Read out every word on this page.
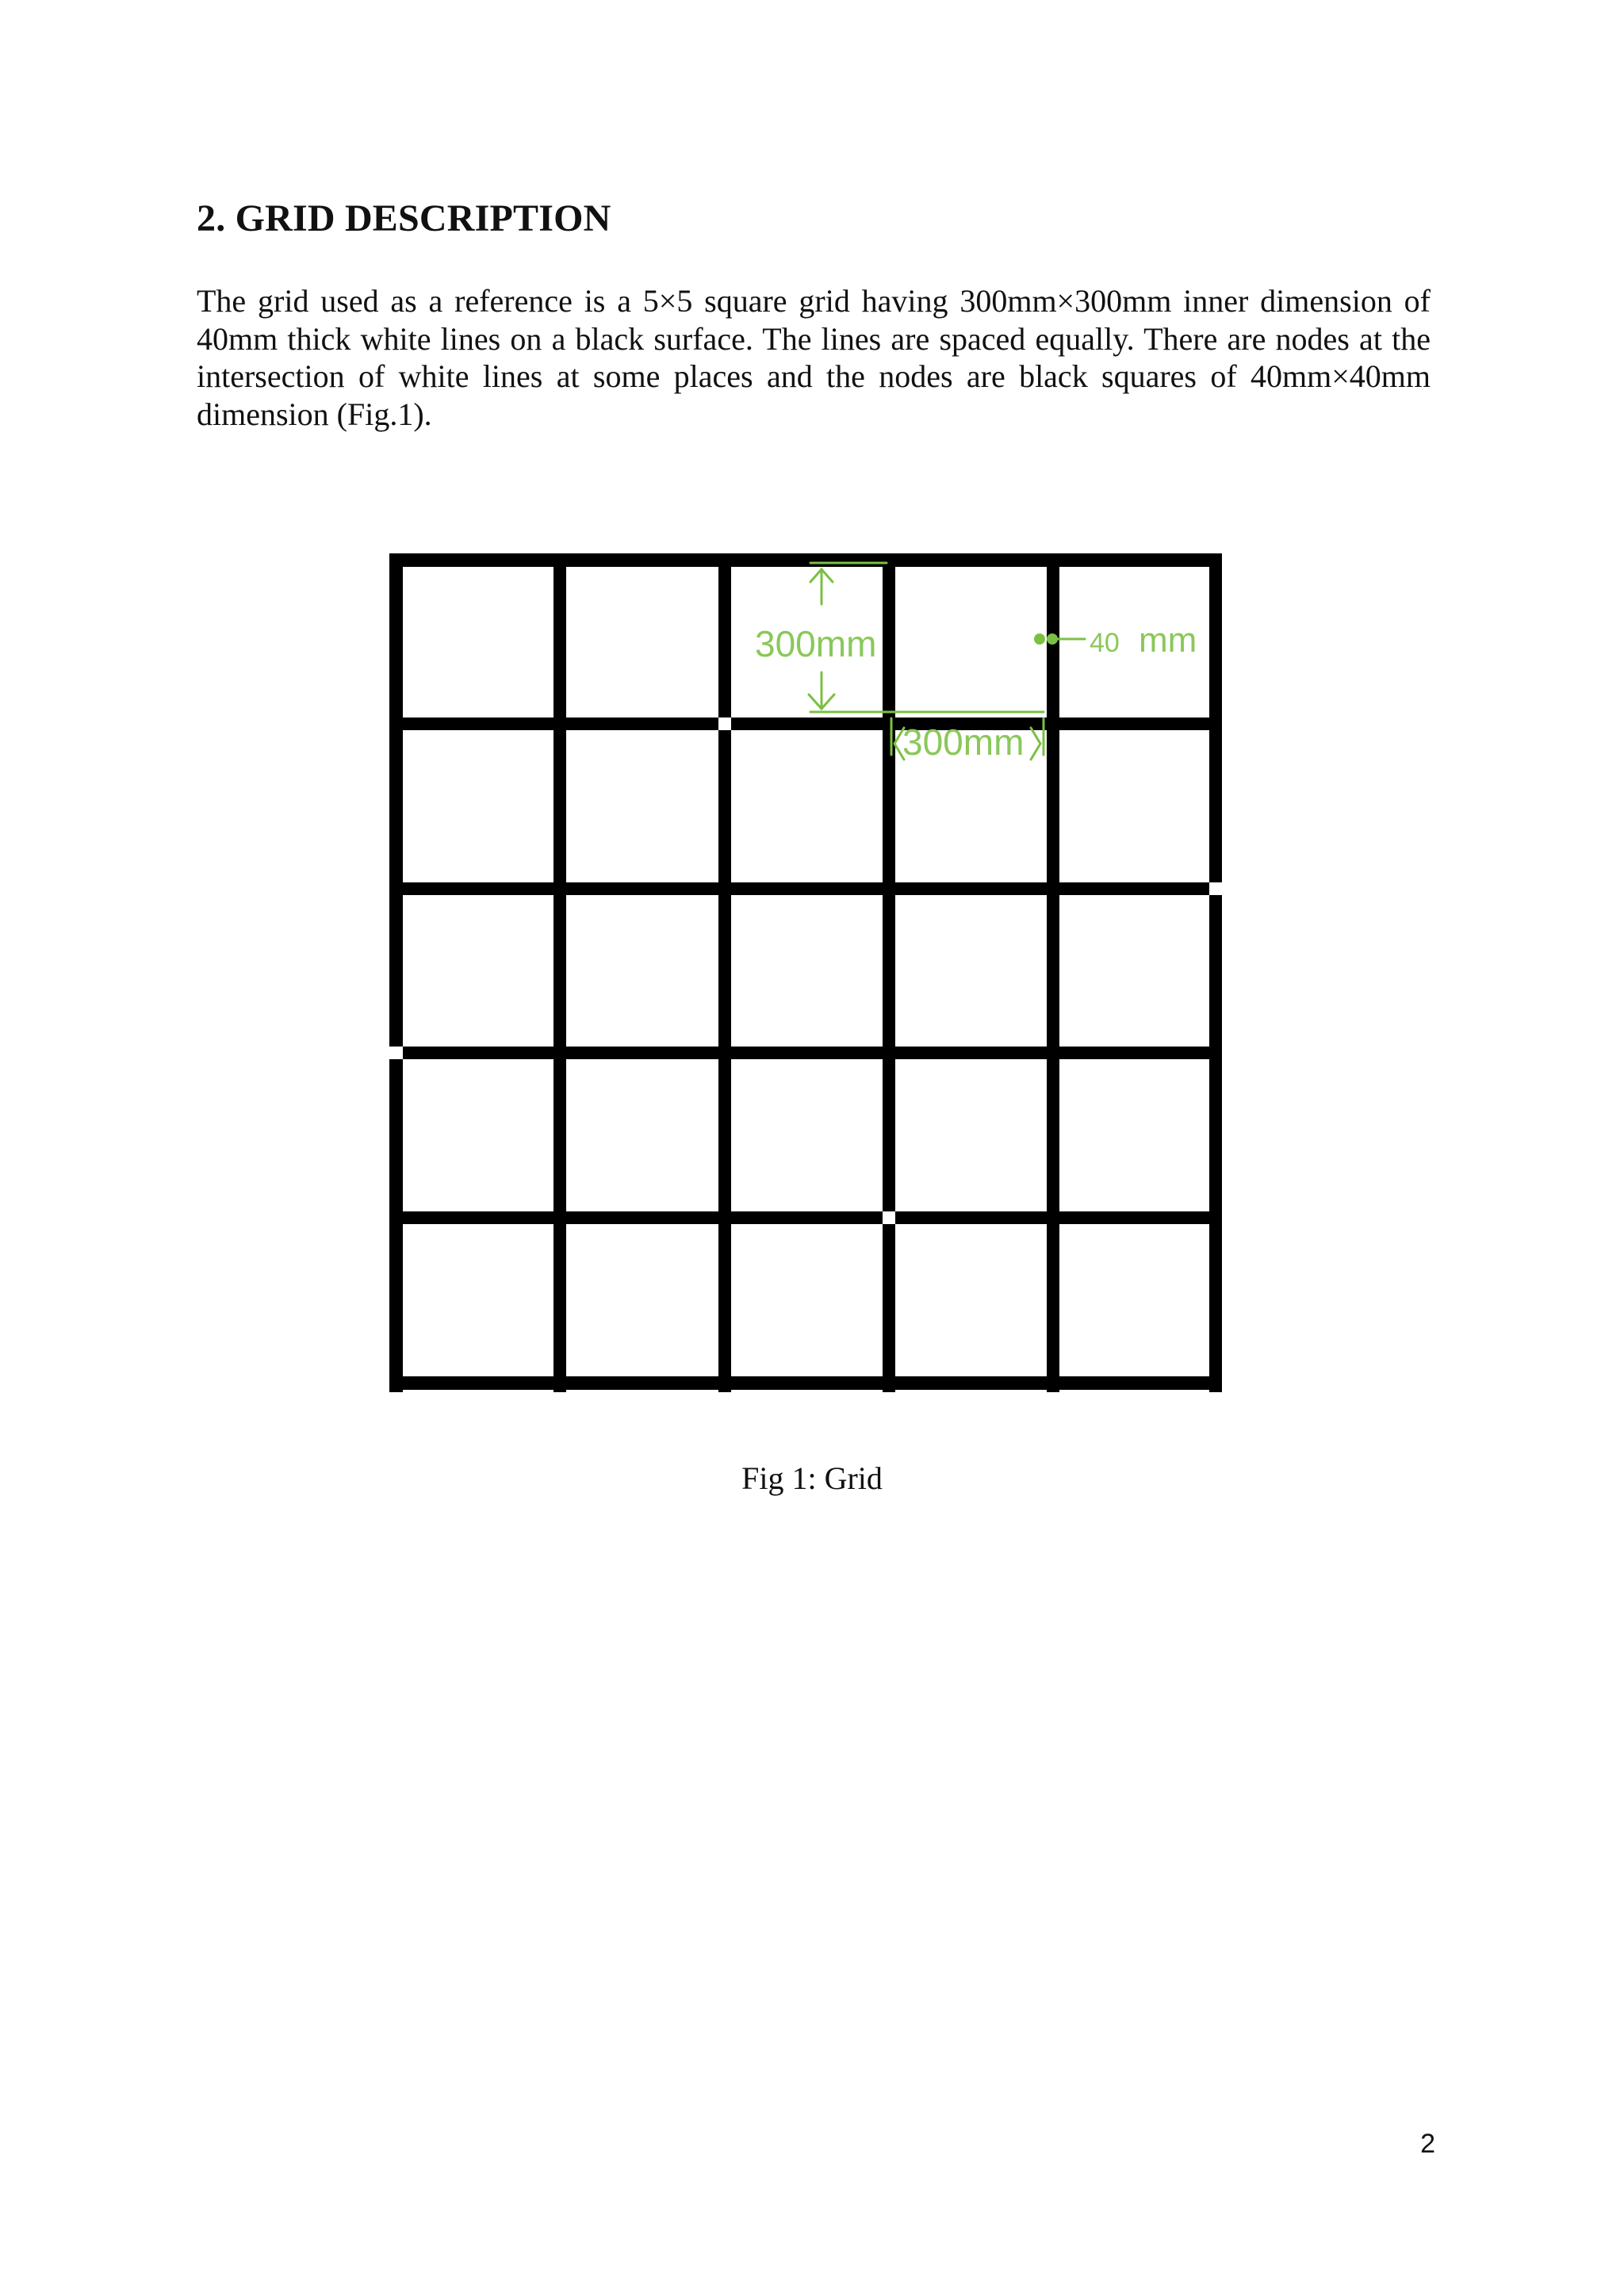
2. GRID DESCRIPTION

The grid used as a reference is a 5×5 square grid having 300mm×300mm inner dimension of 40mm thick white lines on a black surface. The lines are spaced equally. There are nodes at the intersection of white lines at some places and the nodes are black squares of 40mm×40mm dimension (Fig.1).

300mm
300mm
40 mm

Fig 1: Grid

2
